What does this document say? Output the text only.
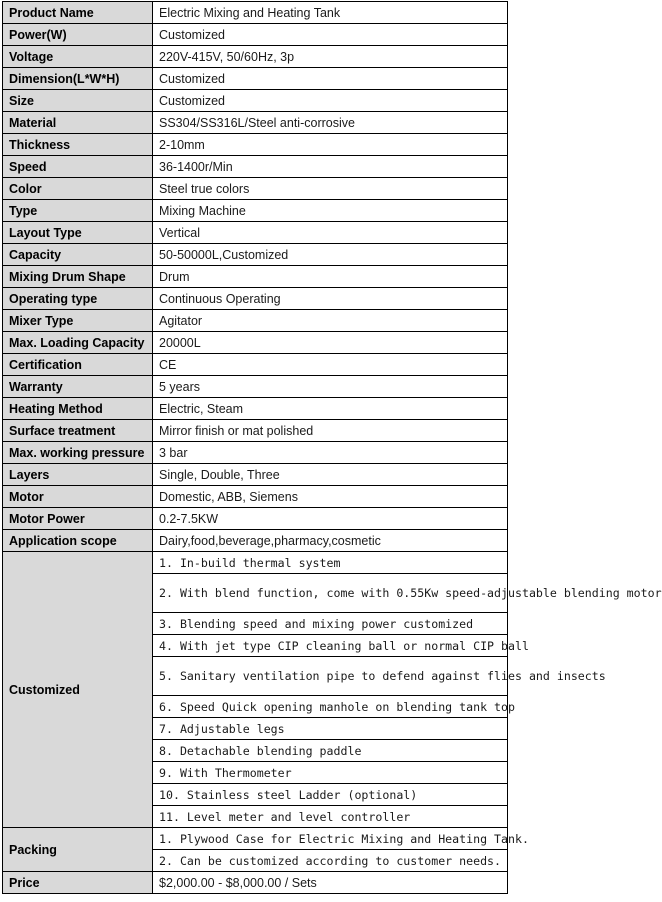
Product Name	Electric Mixing and Heating Tank
Power(W)	Customized
Voltage	220V-415V, 50/60Hz, 3p
Dimension(L*W*H)	Customized
Size	Customized
Material	SS304/SS316L/Steel anti-corrosive
Thickness	2-10mm
Speed	36-1400r/Min
Color	Steel true colors
Type	Mixing Machine
Layout Type	Vertical
Capacity	50-50000L,Customized
Mixing Drum Shape	Drum
Operating type	Continuous Operating
Mixer Type	Agitator
Max. Loading Capacity	20000L
Certification	CE
Warranty	5 years
Heating Method	Electric, Steam
Surface treatment	Mirror finish or mat polished
Max. working pressure	3 bar
Layers	Single, Double, Three
Motor	Domestic, ABB, Siemens
Motor Power	0.2-7.5KW
Application scope	Dairy,food,beverage,pharmacy,cosmetic
Customized	1. In-build thermal system
	2. With blend function, come with 0.55Kw speed-adjustable blending motor
	3. Blending speed and mixing power customized
	4. With jet type CIP cleaning ball or normal CIP ball
	5. Sanitary ventilation pipe to defend against flies and insects
	6. Speed Quick opening manhole on blending tank top
	7. Adjustable legs
	8. Detachable blending paddle
	9. With Thermometer
	10. Stainless steel Ladder (optional)
	11. Level meter and level controller
Packing	1. Plywood Case for Electric Mixing and Heating Tank.
	2. Can be customized according to customer needs.
Price	$2,000.00 - $8,000.00 / Sets
